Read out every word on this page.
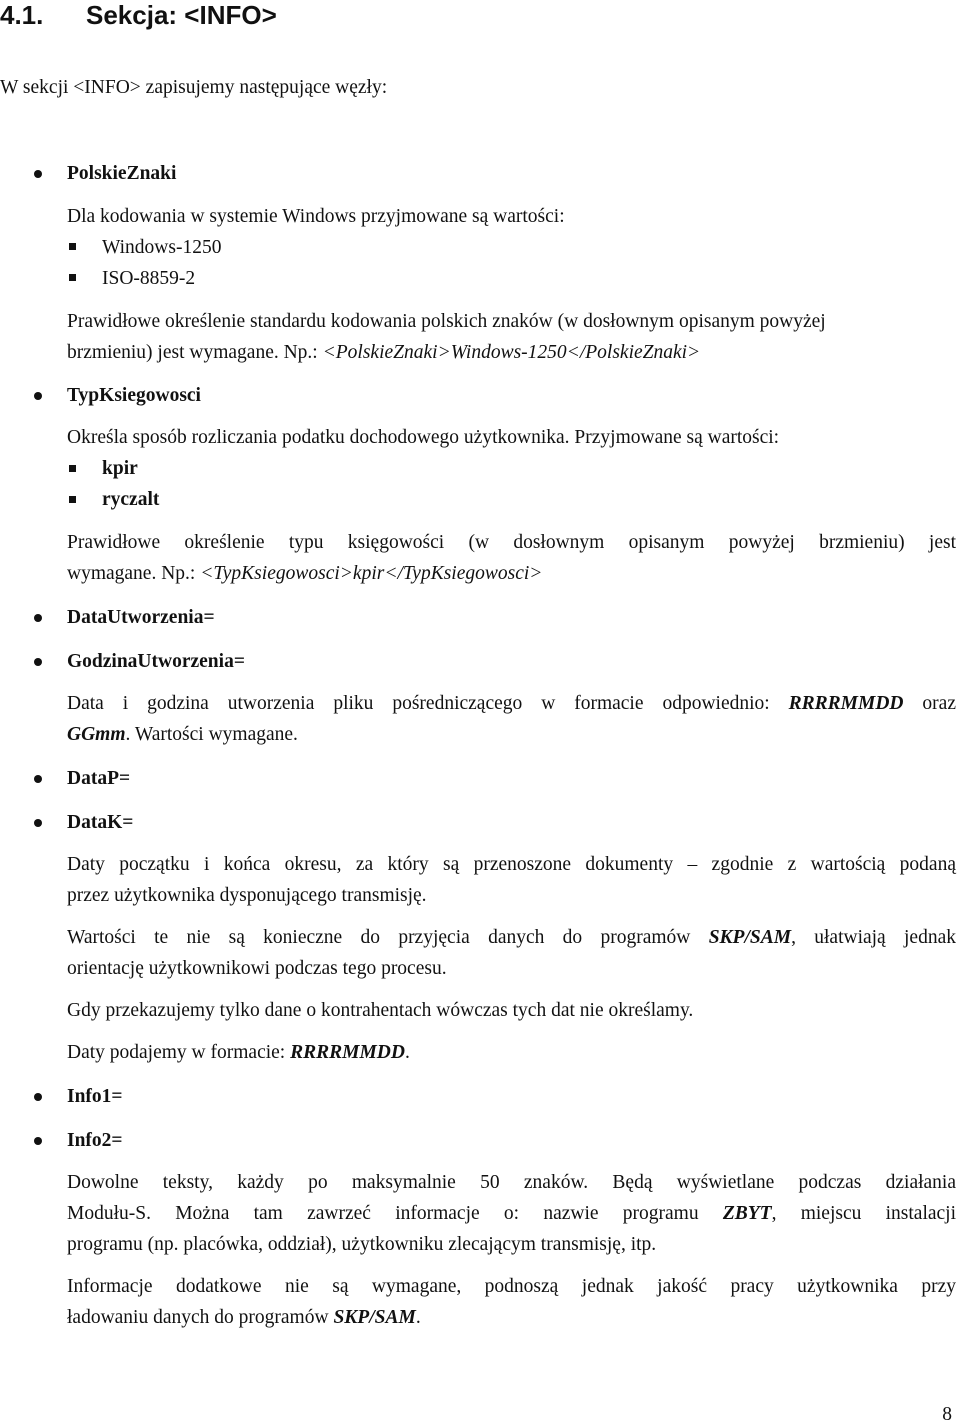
4.1. Sekcja: <INFO>
W sekcji <INFO> zapisujemy następujące węzły:
PolskieZnaki
Dla kodowania w systemie Windows przyjmowane są wartości:
Windows-1250
ISO-8859-2
Prawidłowe określenie standardu kodowania polskich znaków (w dosłownym opisanym powyżej
brzmieniu) jest wymagane. Np.: <PolskieZnaki>Windows-1250</PolskieZnaki>
TypKsiegowosci
Określa sposób rozliczania podatku dochodowego użytkownika. Przyjmowane są wartości:
kpir
ryczalt
Prawidłowe określenie typu księgowości (w dosłownym opisanym powyżej brzmieniu) jest
wymagane. Np.: <TypKsiegowosci>kpir</TypKsiegowosci>
DataUtworzenia=
GodzinaUtworzenia=
Data i godzina utworzenia pliku pośredniczącego w formacie odpowiednio: RRRRMMDD oraz
GGmm. Wartości wymagane.
DataP=
DataK=
Daty początku i końca okresu, za który są przenoszone dokumenty – zgodnie z wartością podaną
przez użytkownika dysponującego transmisję.
Wartości te nie są konieczne do przyjęcia danych do programów SKP/SAM, ułatwiają jednak
orientację użytkownikowi podczas tego procesu.
Gdy przekazujemy tylko dane o kontrahentach wówczas tych dat nie określamy.
Daty podajemy w formacie: RRRRMMDD.
Info1=
Info2=
Dowolne teksty, każdy po maksymalnie 50 znaków. Będą wyświetlane podczas działania
Modułu-S. Można tam zawrzeć informacje o: nazwie programu ZBYT, miejscu instalacji
programu (np. placówka, oddział), użytkowniku zlecającym transmisję, itp.
Informacje dodatkowe nie są wymagane, podnoszą jednak jakość pracy użytkownika przy
ładowaniu danych do programów SKP/SAM.
8
